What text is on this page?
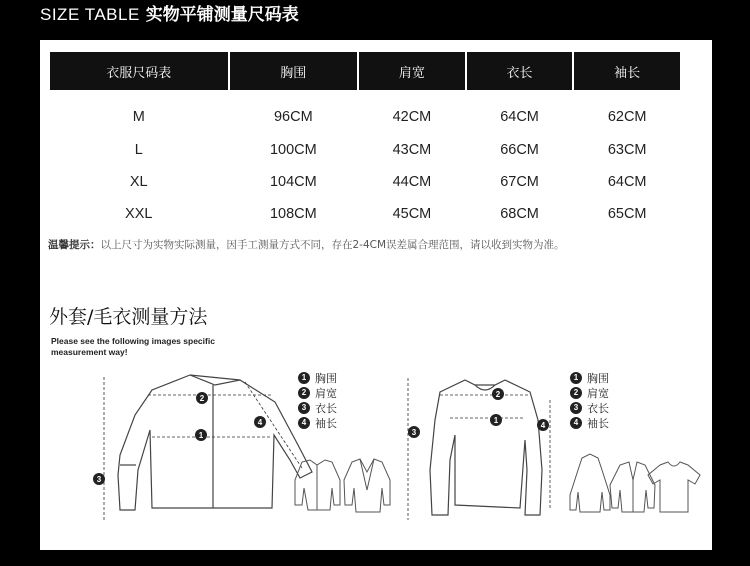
SIZE TABLE 实物平铺测量尺码表
衣服尺码表	胸围	肩宽	衣长	袖长
M	96CM	42CM	64CM	62CM
L	100CM	43CM	66CM	63CM
XL	104CM	44CM	67CM	64CM
XXL	108CM	45CM	68CM	65CM
温馨提示：以上尺寸为实物实际测量，因手工测量方式不同，存在2-4CM误差属合理范围，请以收到实物为准。
外套/毛衣测量方法
Please see the following images specific measurement way!
1
2
3
4	1
2
3
4
1 胸围
2 肩宽
3 衣长
4 袖长
1 胸围
2 肩宽
3 衣长
4 袖长
